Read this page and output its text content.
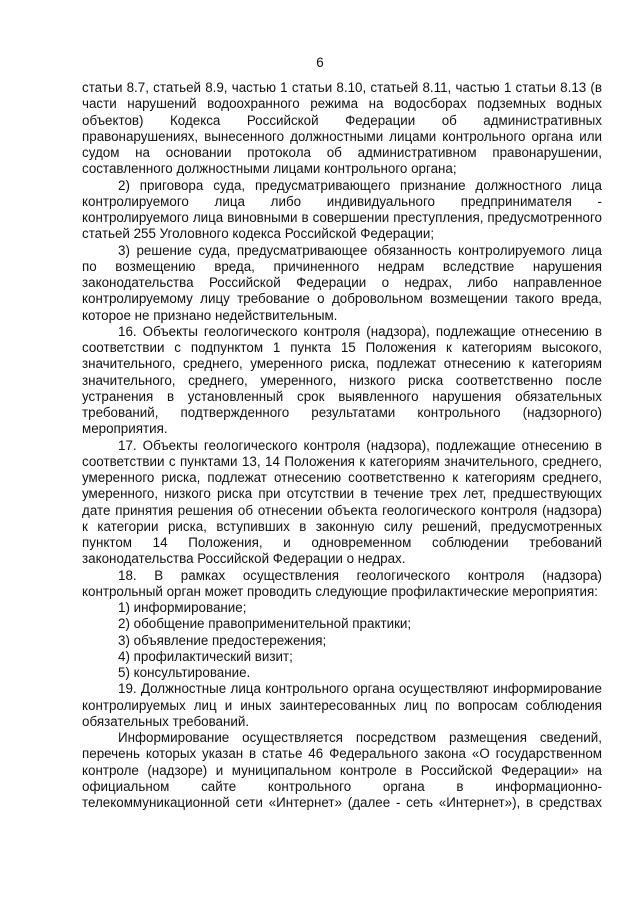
6

статьи 8.7, статьей 8.9, частью 1 статьи 8.10, статьей 8.11, частью 1 статьи 8.13 (в части нарушений водоохранного режима на водосборах подземных водных объектов) Кодекса Российской Федерации об административных правонарушениях, вынесенного должностными лицами контрольного органа или судом на основании протокола об административном правонарушении, составленного должностными лицами контрольного органа;

2) приговора суда, предусматривающего признание должностного лица контролируемого лица либо индивидуального предпринимателя - контролируемого лица виновными в совершении преступления, предусмотренного статьей 255 Уголовного кодекса Российской Федерации;

3) решение суда, предусматривающее обязанность контролируемого лица по возмещению вреда, причиненного недрам вследствие нарушения законодательства Российской Федерации о недрах, либо направленное контролируемому лицу требование о добровольном возмещении такого вреда, которое не признано недействительным.

16. Объекты геологического контроля (надзора), подлежащие отнесению в соответствии с подпунктом 1 пункта 15 Положения к категориям высокого, значительного, среднего, умеренного риска, подлежат отнесению к категориям значительного, среднего, умеренного, низкого риска соответственно после устранения в установленный срок выявленного нарушения обязательных требований, подтвержденного результатами контрольного (надзорного) мероприятия.

17. Объекты геологического контроля (надзора), подлежащие отнесению в соответствии с пунктами 13, 14 Положения к категориям значительного, среднего, умеренного риска, подлежат отнесению соответственно к категориям среднего, умеренного, низкого риска при отсутствии в течение трех лет, предшествующих дате принятия решения об отнесении объекта геологического контроля (надзора) к категории риска, вступивших в законную силу решений, предусмотренных пунктом 14 Положения, и одновременном соблюдении требований законодательства Российской Федерации о недрах.

18. В рамках осуществления геологического контроля (надзора) контрольный орган может проводить следующие профилактические мероприятия:

1) информирование;

2) обобщение правоприменительной практики;

3) объявление предостережения;

4) профилактический визит;

5) консультирование.

19. Должностные лица контрольного органа осуществляют информирование контролируемых лиц и иных заинтересованных лиц по вопросам соблюдения обязательных требований.

Информирование осуществляется посредством размещения сведений, перечень которых указан в статье 46 Федерального закона «О государственном контроле (надзоре) и муниципальном контроле в Российской Федерации» на официальном сайте контрольного органа в информационно-телекоммуникационной сети «Интернет» (далее - сеть «Интернет»), в средствах
